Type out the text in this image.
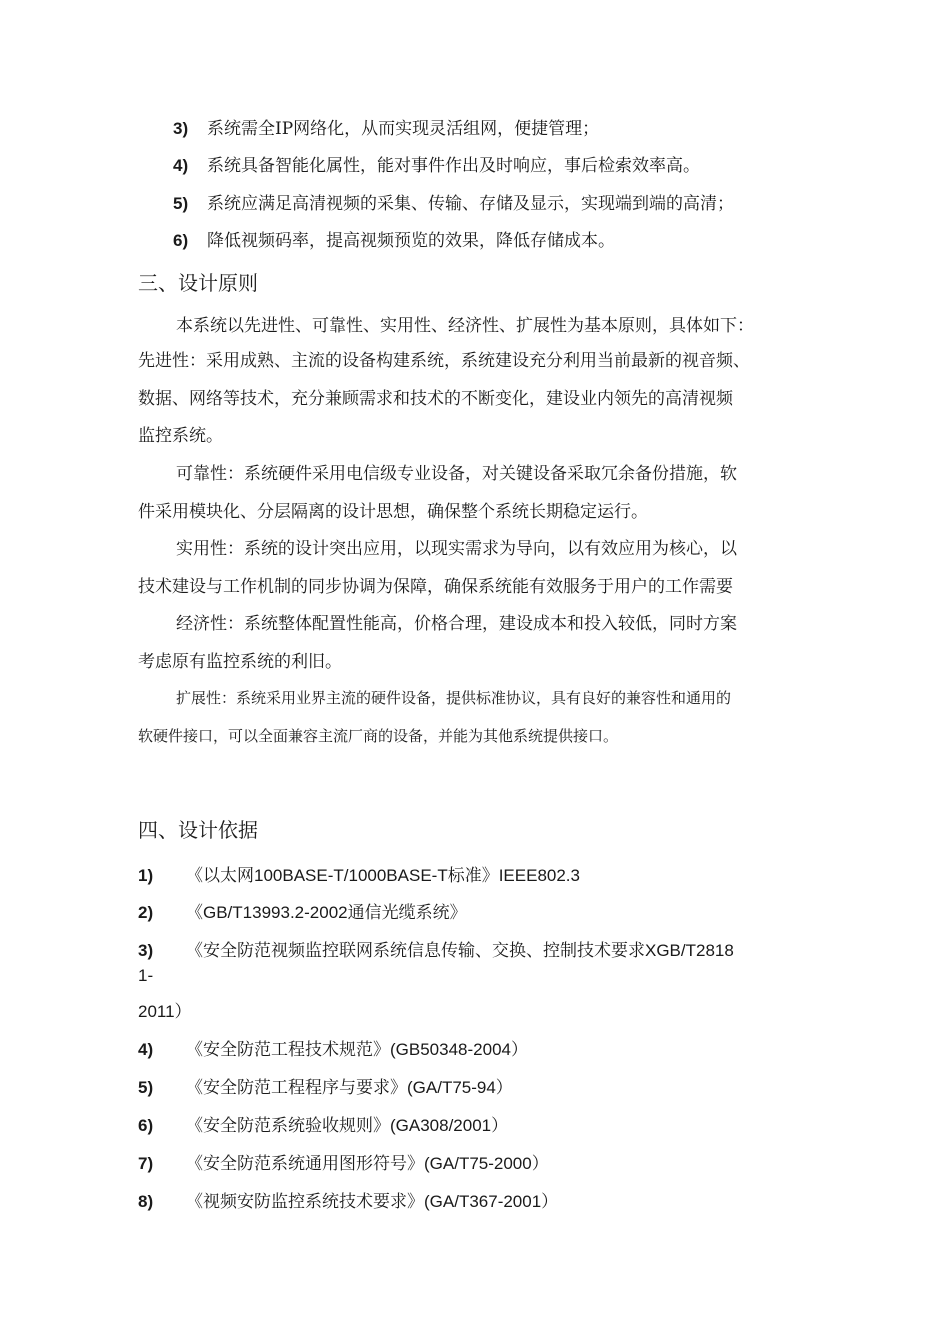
3) 系统需全IP网络化，从而实现灵活组网，便捷管理；
4) 系统具备智能化属性，能对事件作出及时响应，事后检索效率高。
5) 系统应满足高清视频的采集、传输、存储及显示，实现端到端的高清；
6) 降低视频码率，提高视频预览的效果，降低存储成本。
三、设计原则
本系统以先进性、可靠性、实用性、经济性、扩展性为基本原则，具体如下：
先进性：采用成熟、主流的设备构建系统，系统建设充分利用当前最新的视音频、
数据、网络等技术，充分兼顾需求和技术的不断变化，建设业内领先的高清视频
监控系统。
可靠性：系统硬件采用电信级专业设备，对关键设备采取冗余备份措施，软
件采用模块化、分层隔离的设计思想，确保整个系统长期稳定运行。
实用性：系统的设计突出应用，以现实需求为导向，以有效应用为核心，以
技术建设与工作机制的同步协调为保障，确保系统能有效服务于用户的工作需要
经济性：系统整体配置性能高，价格合理，建设成本和投入较低，同时方案
考虑原有监控系统的利旧。
扩展性：系统采用业界主流的硬件设备，提供标准协议，具有良好的兼容性和通用的
软硬件接口，可以全面兼容主流厂商的设备，并能为其他系统提供接口。
四、设计依据
1) 《以太网100BASE-T/1000BASE-T标准》IEEE802.3
2) 《GB/T13993.2-2002通信光缆系统》
3) 《安全防范视频监控联网系统信息传输、交换、控制技术要求XGB/T2818
1-
2011）
4) 《安全防范工程技术规范》(GB50348-2004）
5) 《安全防范工程程序与要求》(GA/T75-94）
6) 《安全防范系统验收规则》(GA308/2001）
7) 《安全防范系统通用图形符号》(GA/T75-2000）
8) 《视频安防监控系统技术要求》(GA/T367-2001）
